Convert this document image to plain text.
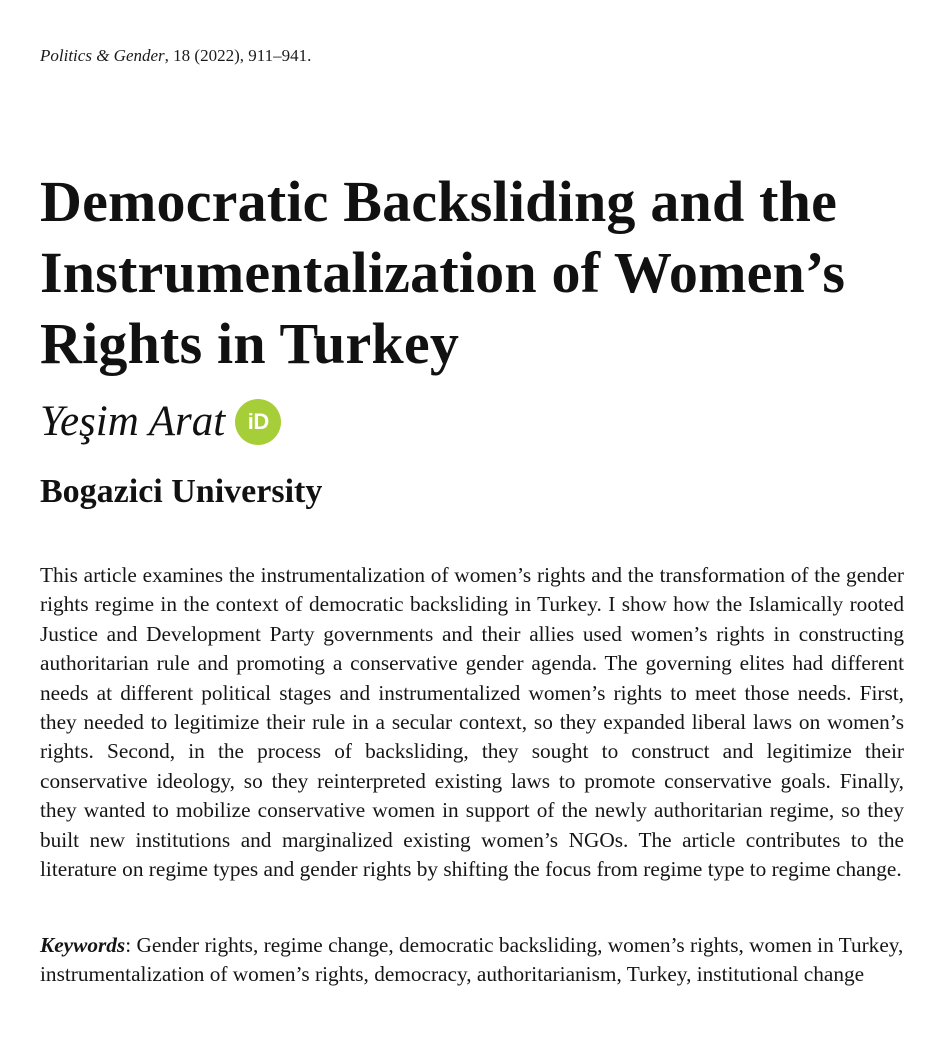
Politics & Gender, 18 (2022), 911–941.
Democratic Backsliding and the Instrumentalization of Women’s Rights in Turkey
Yeşim Arat	iD
Bogazici University

This article examines the instrumentalization of women’s rights and the transformation of the gender rights regime in the context of democratic backsliding in Turkey. I show how the Islamically rooted Justice and Development Party governments and their allies used women’s rights in constructing authoritarian rule and promoting a conservative gender agenda. The governing elites had different needs at different political stages and instrumentalized women’s rights to meet those needs. First, they needed to legitimize their rule in a secular context, so they expanded liberal laws on women’s rights. Second, in the process of backsliding, they sought to construct and legitimize their conservative ideology, so they reinterpreted existing laws to promote conservative goals. Finally, they wanted to mobilize conservative women in support of the newly authoritarian regime, so they built new institutions and marginalized existing women’s NGOs. The article contributes to the literature on regime types and gender rights by shifting the focus from regime type to regime change.

Keywords: Gender rights, regime change, democratic backsliding, women’s rights, women in Turkey, instrumentalization of women’s rights, democracy, authoritarianism, Turkey, institutional change
